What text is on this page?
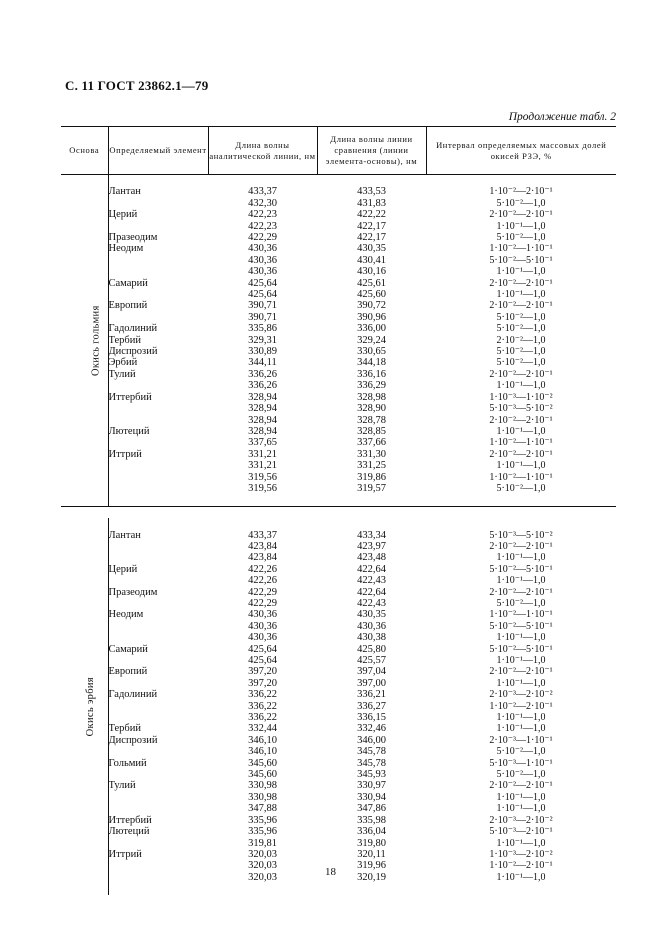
С. 11 ГОСТ 23862.1—79
Продолжение табл. 2
Основа	Определяемый элемент	Длина волны аналитической линии, нм	Длина волны линии сравнения (линии элемента-основы), нм	Интервал определяемых массовых долей окисей РЗЭ, %
Окись гольмия				
	Лантан	433,37	433,53	1·10⁻²—2·10⁻¹
		432,30	431,83	5·10⁻²—1,0
	Церий	422,23	422,22	2·10⁻²—2·10⁻¹
		422,23	422,17	1·10⁻¹—1,0
	Празеодим	422,29	422,17	5·10⁻²—1,0
	Неодим	430,36	430,35	1·10⁻²—1·10⁻¹
		430,36	430,41	5·10⁻²—5·10⁻¹
		430,36	430,16	1·10⁻¹—1,0
	Самарий	425,64	425,61	2·10⁻²—2·10⁻¹
		425,64	425,60	1·10⁻¹—1,0
	Европий	390,71	390,72	2·10⁻²—2·10⁻¹
		390,71	390,96	5·10⁻²—1,0
	Гадолиний	335,86	336,00	5·10⁻²—1,0
	Тербий	329,31	329,24	2·10⁻²—1,0
	Диспрозий	330,89	330,65	5·10⁻²—1,0
	Эрбий	344,11	344,18	5·10⁻²—1,0
	Тулий	336,26	336,16	2·10⁻²—2·10⁻¹
		336,26	336,29	1·10⁻¹—1,0
	Иттербий	328,94	328,98	1·10⁻³—1·10⁻²
		328,94	328,90	5·10⁻³—5·10⁻²
		328,94	328,78	2·10⁻²—2·10⁻¹
	Лютеций	328,94	328,85	1·10⁻¹—1,0
		337,65	337,66	1·10⁻²—1·10⁻¹
	Иттрий	331,21	331,30	2·10⁻²—2·10⁻¹
		331,21	331,25	1·10⁻¹—1,0
		319,56	319,86	1·10⁻²—1·10⁻¹
		319,56	319,57	5·10⁻²—1,0

Окись эрбия				
	Лантан	433,37	433,34	5·10⁻³—5·10⁻²
		423,84	423,97	2·10⁻²—2·10⁻¹
		423,84	423,48	1·10⁻¹—1,0
	Церий	422,26	422,64	5·10⁻²—5·10⁻¹
		422,26	422,43	1·10⁻¹—1,0
	Празеодим	422,29	422,64	2·10⁻²—2·10⁻¹
		422,29	422,43	5·10⁻²—1,0
	Неодим	430,36	430,35	1·10⁻²—1·10⁻¹
		430,36	430,36	5·10⁻²—5·10⁻¹
		430,36	430,38	1·10⁻¹—1,0
	Самарий	425,64	425,80	5·10⁻²—5·10⁻¹
		425,64	425,57	1·10⁻¹—1,0
	Европий	397,20	397,04	2·10⁻²—2·10⁻¹
		397,20	397,00	1·10⁻¹—1,0
	Гадолиний	336,22	336,21	2·10⁻³—2·10⁻²
		336,22	336,27	1·10⁻²—2·10⁻¹
		336,22	336,15	1·10⁻¹—1,0
	Тербий	332,44	332,46	1·10⁻¹—1,0
	Диспрозий	346,10	346,00	2·10⁻³—1·10⁻¹
		346,10	345,78	5·10⁻²—1,0
	Гольмий	345,60	345,78	5·10⁻³—1·10⁻¹
		345,60	345,93	5·10⁻²—1,0
	Тулий	330,98	330,97	2·10⁻²—2·10⁻¹
		330,98	330,94	1·10⁻¹—1,0
		347,88	347,86	1·10⁻¹—1,0
	Иттербий	335,96	335,98	2·10⁻³—2·10⁻²
	Лютеций	335,96	336,04	5·10⁻³—2·10⁻¹
		319,81	319,80	1·10⁻¹—1,0
	Иттрий	320,03	320,11	1·10⁻³—2·10⁻²
		320,03	319,96	1·10⁻²—2·10⁻¹
		320,03	320,19	1·10⁻¹—1,0

18
